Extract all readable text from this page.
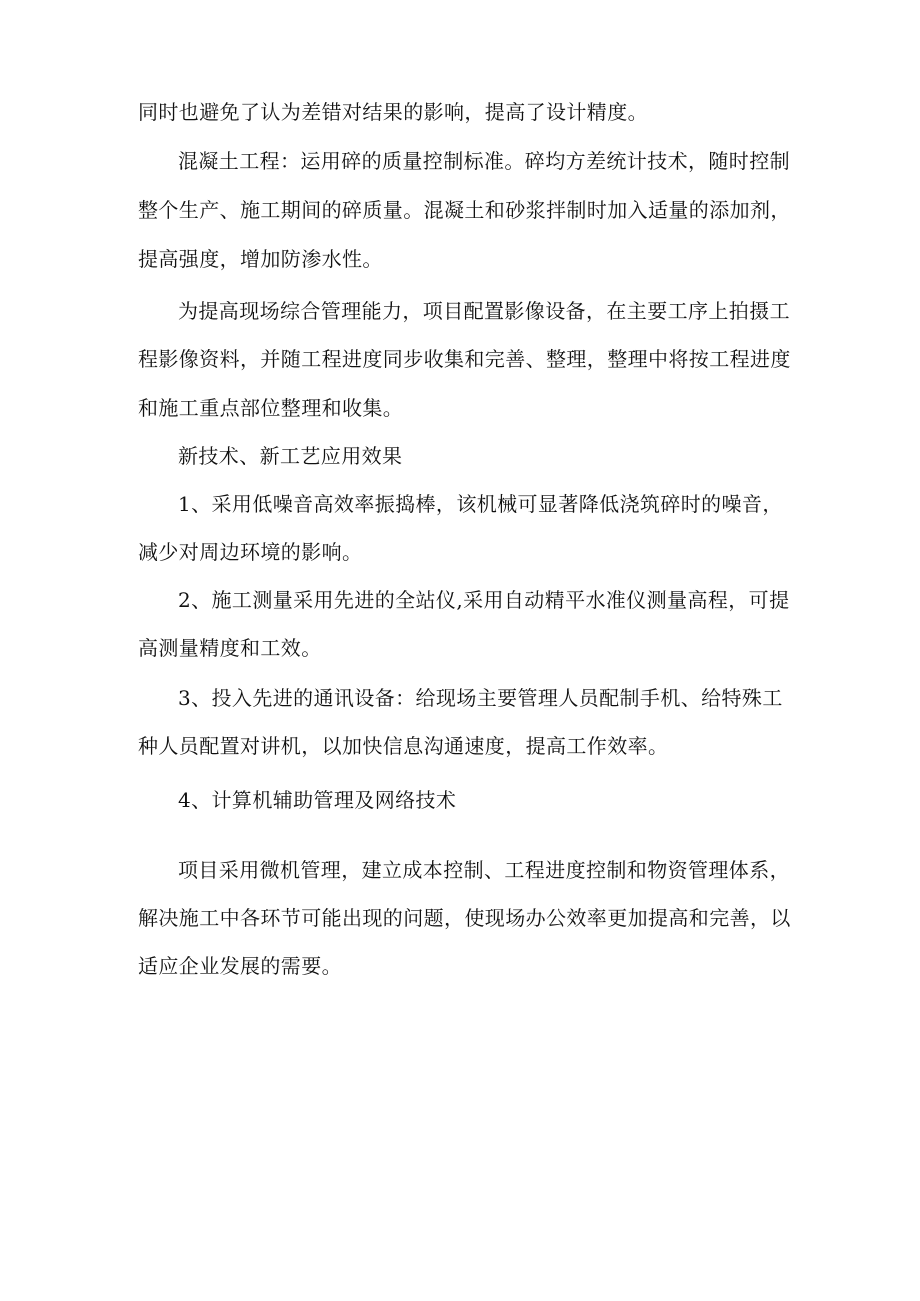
同时也避免了认为差错对结果的影响，提高了设计精度。
混凝土工程：运用碎的质量控制标准。碎均方差统计技术，随时控制
整个生产、施工期间的碎质量。混凝土和砂浆拌制时加入适量的添加剂，
提高强度，增加防渗水性。
为提高现场综合管理能力，项目配置影像设备，在主要工序上拍摄工
程影像资料，并随工程进度同步收集和完善、整理，整理中将按工程进度
和施工重点部位整理和收集。
新技术、新工艺应用效果
1、采用低噪音高效率振捣棒，该机械可显著降低浇筑碎时的噪音，
减少对周边环境的影响。
2、施工测量采用先进的全站仪,采用自动精平水准仪测量高程，可提
高测量精度和工效。
3、投入先进的通讯设备：给现场主要管理人员配制手机、给特殊工
种人员配置对讲机，以加快信息沟通速度，提高工作效率。
4、计算机辅助管理及网络技术
项目采用微机管理，建立成本控制、工程进度控制和物资管理体系，
解决施工中各环节可能出现的问题，使现场办公效率更加提高和完善，以
适应企业发展的需要。
